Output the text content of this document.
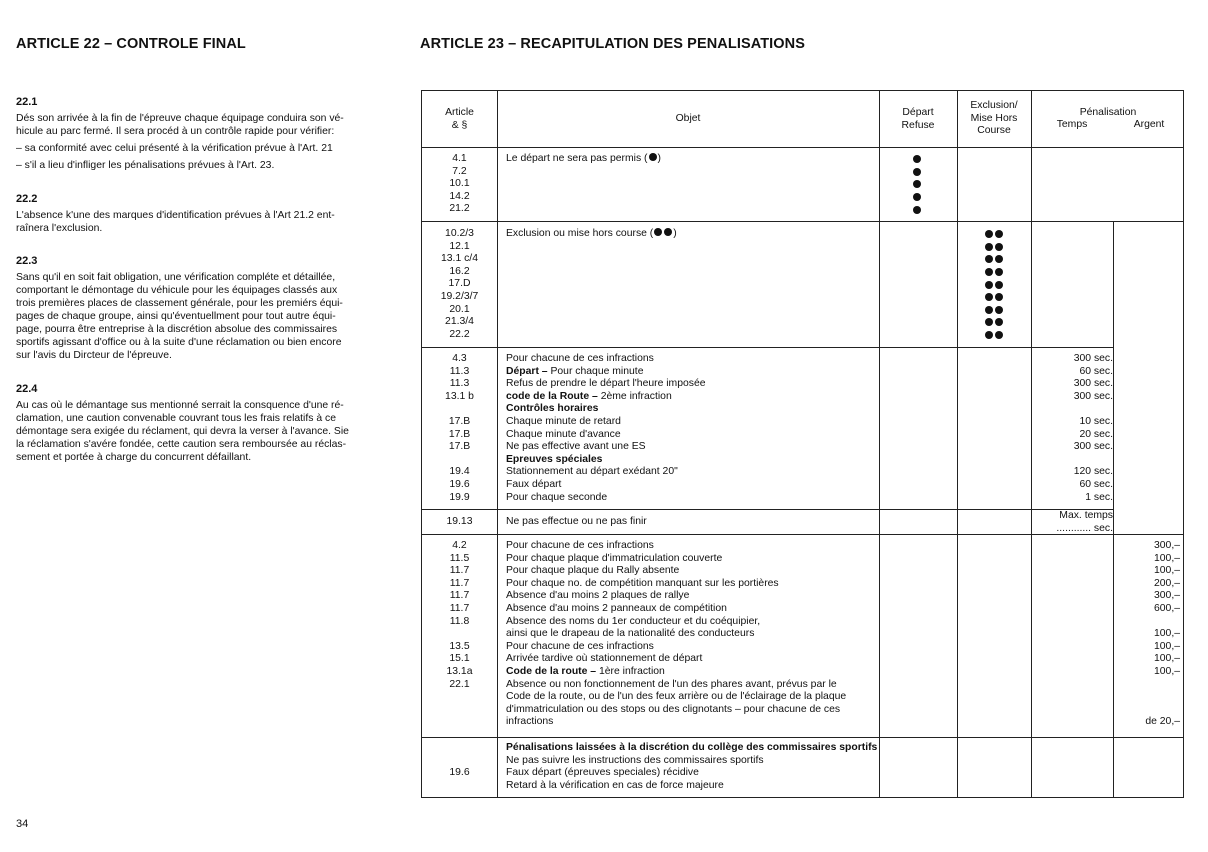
ARTICLE 22 – CONTROLE FINAL
22.1
Dés son arrivée à la fin de l'épreuve chaque équipage conduira son vé-
hicule au parc fermé. Il sera procéd à un contrôle rapide pour vérifier:
– sa conformité avec celui présenté à la vérification prévue à l'Art. 21
– s'il a lieu d'infliger les pénalisations prévues à l'Art. 23.
22.2
L'absence k'une des marques d'identification prévues à l'Art 21.2 ent-
raînera l'exclusion.
22.3
Sans qu'il en soit fait obligation, une vérification compléte et détaillée,
comportant le démontage du véhicule pour les équipages classés aux
trois premières places de classement générale, pour les premiérs équi-
pages de chaque groupe, ainsi qu'éventuellment pour tout autre équi-
page, pourra être entreprise à la discrétion absolue des commissaires
sportifs agissant d'office ou à la suite d'une réclamation ou bien encore
sur l'avis du Dircteur de l'épreuve.
22.4
Au cas où le démantage sus mentionné serrait la consquence d'une ré-
clamation, une caution convenable couvrant tous les frais relatifs à ce
démontage sera exigée du réclament, qui devra la verser à l'avance. Sie
la réclamation s'avére fondée, cette caution sera remboursée au réclas-
sement et portée à charge du concurrent défaillant.
34
ARTICLE 23 – RECAPITULATION DES PENALISATIONS
Article
& §
Objet
Départ
Refuse
Exclusion/
Mise Hors
Course
Pénalisation
Temps	Argent
4.1
7.2
10.1
14.2
21.2
Le départ ne sera pas permis ( )
10.2/3
12.1
13.1 c/4
16.2
17.D
19.2/3/7
20.1
21.3/4
22.2
Exclusion ou mise hors course ( )
4.3
11.3
11.3
13.1 b
17.B
17.B
17.B
19.4
19.6
19.9
Pour chacune de ces infractions
Départ – Pour chaque minute
Refus de prendre le départ l'heure imposée
code de la Route – 2ème infraction
Contrôles horaires
Chaque minute de retard
Chaque minute d'avance
Ne pas effective avant une ES
Epreuves spéciales
Stationnement au départ exédant 20"
Faux départ
Pour chaque seconde
300 sec.
60 sec.
300 sec.
300 sec.
10 sec.
20 sec.
300 sec.
120 sec.
60 sec.
1 sec.
19.13	Ne pas effectue ou ne pas finir
Max. temps
............ sec.
4.2
11.5
11.7
11.7
11.7
11.7
11.8
13.5
15.1
13.1a
22.1
Pour chacune de ces infractions
Pour chaque plaque d'immatriculation couverte
Pour chaque plaque du Rally absente
Pour chaque no. de compétition manquant sur les portières
Absence d'au moins 2 plaques de rallye
Absence d'au moins 2 panneaux de compétition
Absence des noms du 1er conducteur et du coéquipier,
ainsi que le drapeau de la nationalité des conducteurs
Pour chacune de ces infractions
Arrivée tardive où stationnement de départ
Code de la route – 1ère infraction
Absence ou non fonctionnement de l'un des phares avant, prévus par le
Code de la route, ou de l'un des feux arrière ou de l'éclairage de la plaque
d'immatriculation ou des stops ou des clignotants – pour chacune de ces
infractions
300,–
100,–
100,–
200,–
300,–
600,–
100,–
100,–
100,–
100,–
de 20,–
19.6
Pénalisations laissées à la discrétion du collège des commissaires sportifs
Ne pas suivre les instructions des commissaires sportifs
Faux départ (épreuves speciales) récidive
Retard à la vérification en cas de force majeure
